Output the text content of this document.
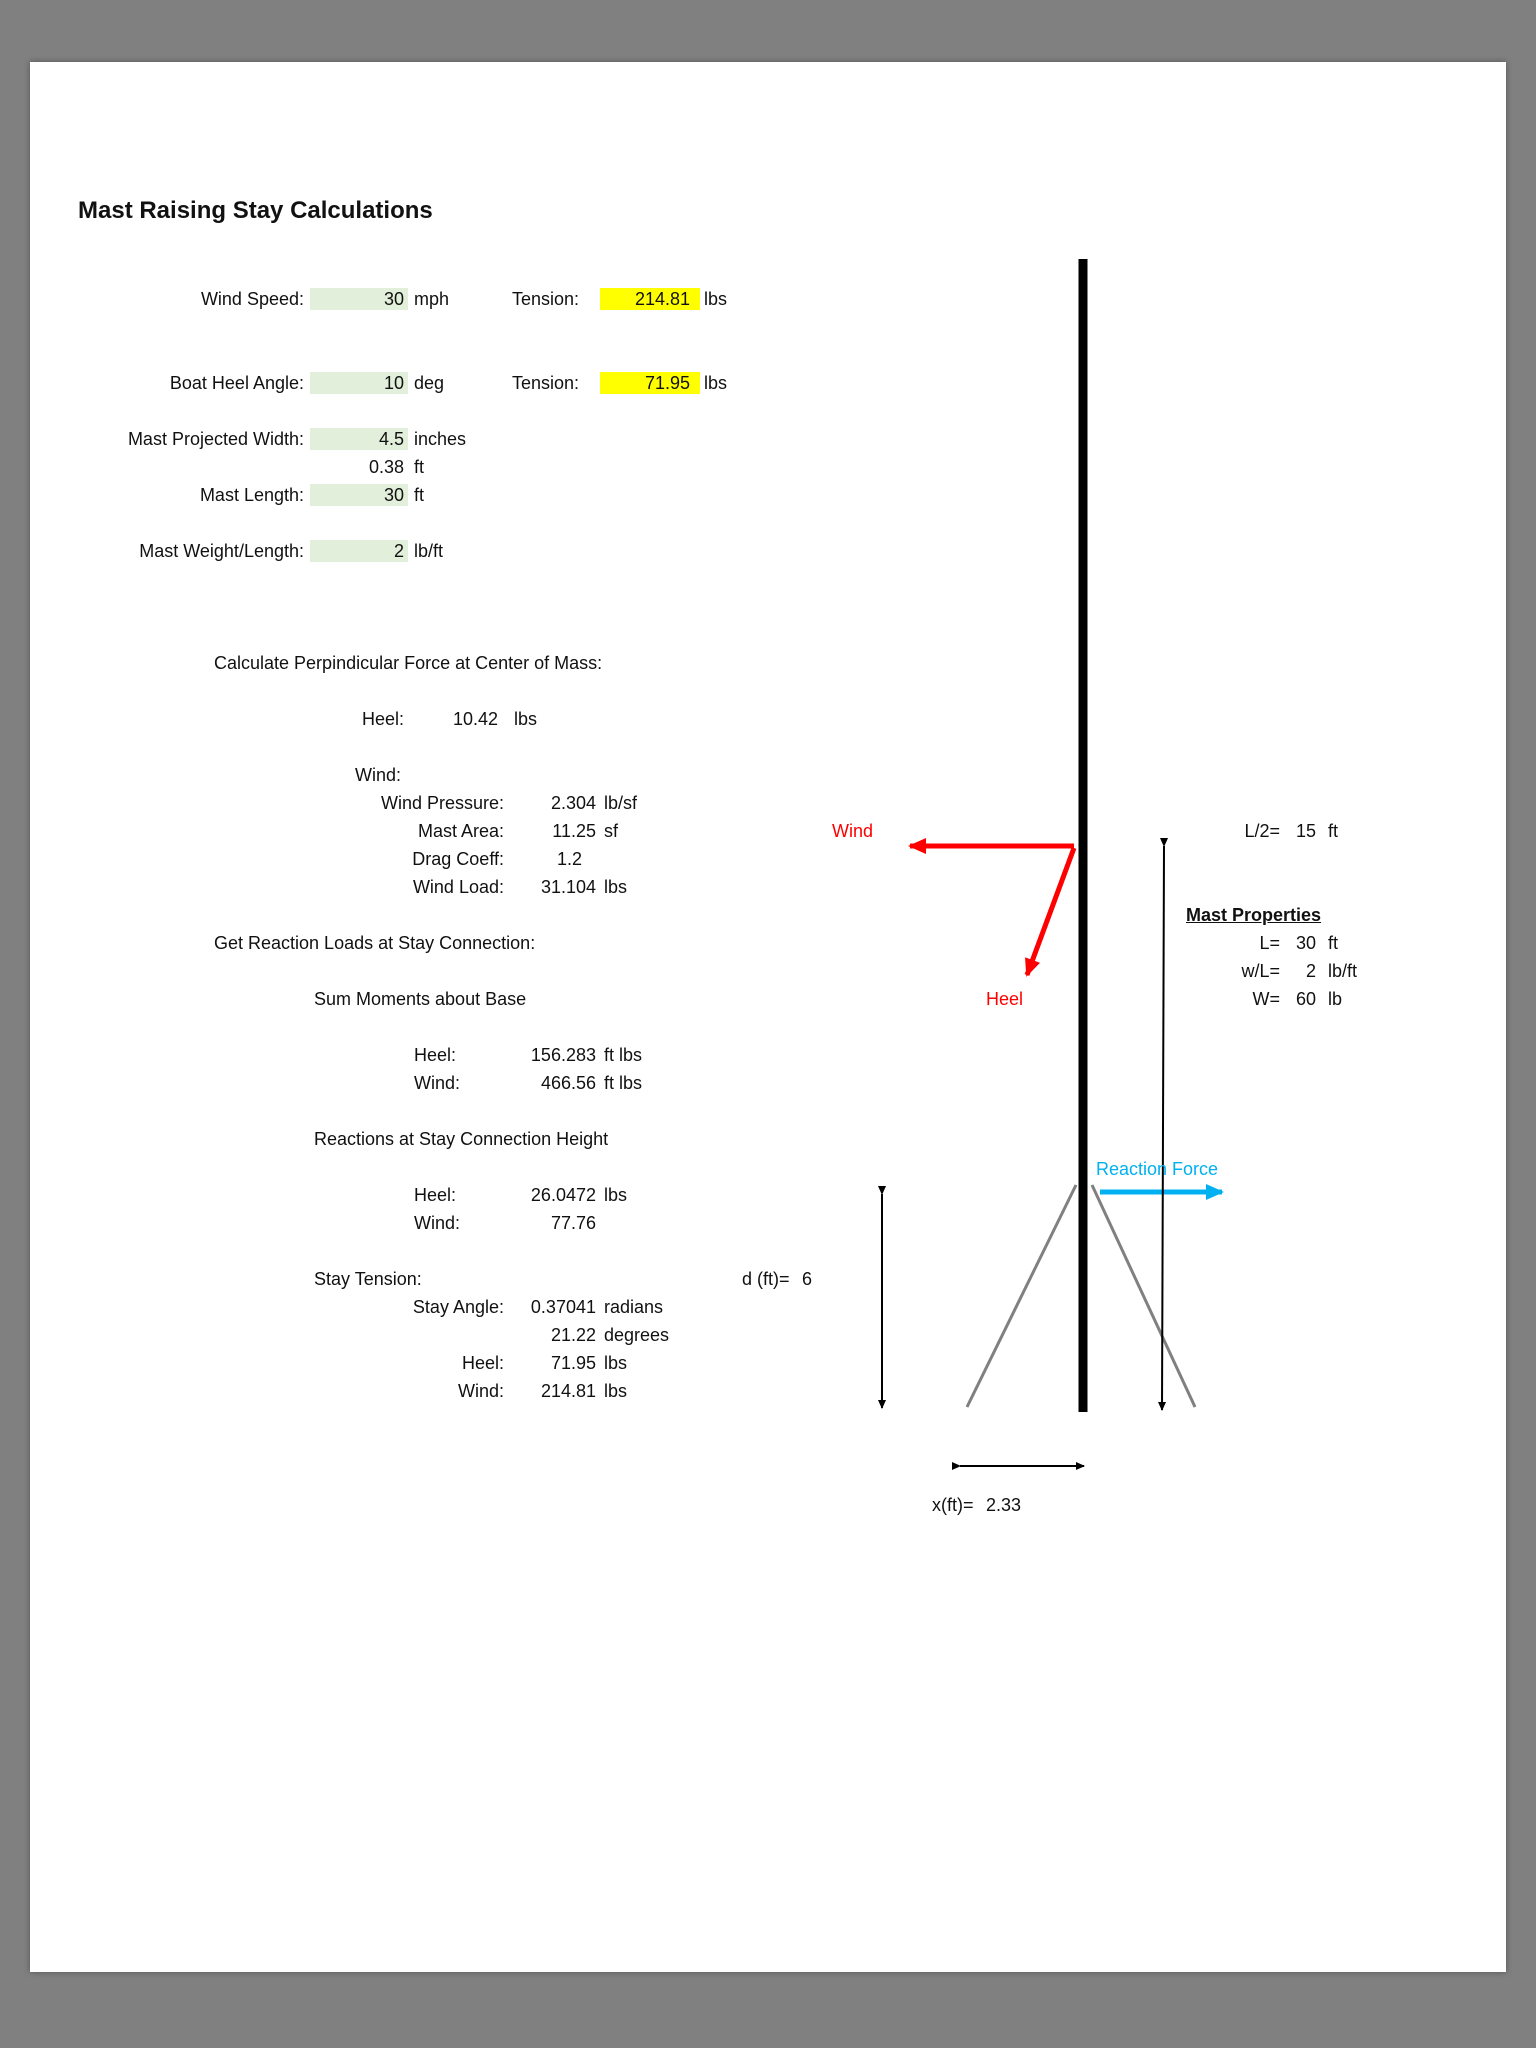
Mast Raising Stay Calculations
Wind Speed:	30 mph	Tension:	214.81 lbs
Boat Heel Angle:	10 deg	Tension:	71.95 lbs
Mast Projected Width:	4.5 inches
0.38 ft
Mast Length:	30 ft
Mast Weight/Length:	2 lb/ft
Calculate Perpindicular Force at Center of Mass:
Heel:	10.42 lbs
Wind:
Wind Pressure:	2.304 lb/sf
Mast Area:	11.25 sf
Drag Coeff:	1.2
Wind Load:	31.104 lbs
Get Reaction Loads at Stay Connection:
Sum Moments about Base
Heel:	156.283 ft lbs
Wind:	466.56 ft lbs
Reactions at Stay Connection Height
Heel:	26.0472 lbs
Wind:	77.76
Stay Tension:
Stay Angle:	0.37041 radians
21.22 degrees
Heel:	71.95 lbs
Wind:	214.81 lbs
d (ft)= 6
Wind
Heel
Reaction Force
L/2= 15 ft
Mast Properties
L= 30 ft
w/L=	2 lb/ft
W= 60 lb
x(ft)= 2.33
